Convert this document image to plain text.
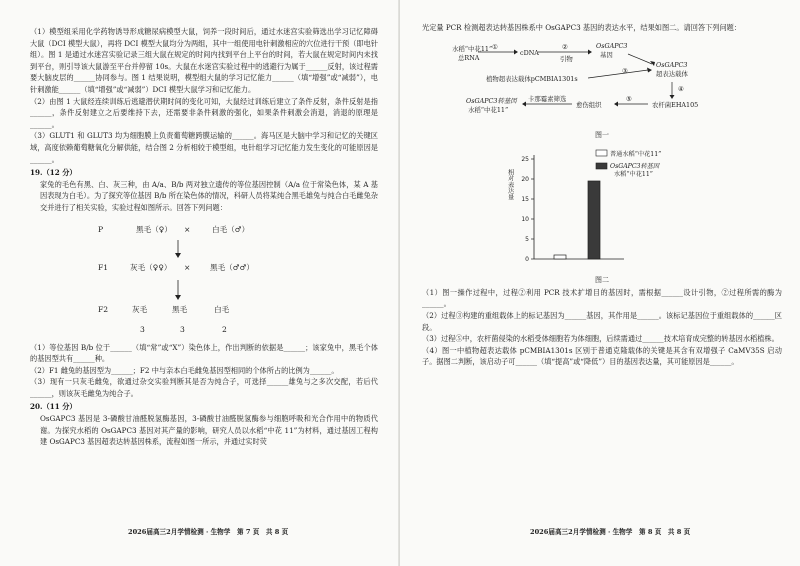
（1）模型组采用化学药物诱导形成糖尿病模型大鼠，饲养一段时间后，通过水迷宫实验筛选出学习记忆障碍大鼠（DCI 模型大鼠），再将 DCI 模型大鼠均分为两组，其中一组使用电针刺激相应的穴位进行干预（即电针组）。图 1 是通过水迷宫实验记录三组大鼠在规定的时间内找到平台上平台的时间，若大鼠在规定时间内未找到平台，则引导该大鼠游至平台并停留 10s。大鼠在水迷宫实验过程中的逃避行为属于______反射，该过程需要大脑皮层的______协同参与。图 1 结果说明，模型组大鼠的学习记忆能力______（填“增强”或“减弱”），电针刺激能______（填“增强”或“减弱”）DCI 模型大鼠学习和记忆能力。

（2）由图 1 大鼠经连续训练后逃避潜伏期时间的变化可知，大鼠经过训练后建立了条件反射，条件反射是指______，条件反射建立之后要维持下去，还需要非条件刺激的强化，如果条件刺激会消退，消退的原理是______。

（3）GLUT1 和 GLUT3 均为细胞膜上负责葡萄糖跨膜运输的______。海马区是大脑中学习和记忆的关键区域，高度依赖葡萄糖氧化分解供能，结合图 2 分析相较于模型组，电针组学习记忆能力发生变化的可能原因是______。

19.（12 分）

家兔的毛色有黑、白、灰三种，由 A/a、B/b 两对独立遗传的等位基因控制（A/a 位于常染色体，某 A 基因表现为白毛）。为了探究等位基因 B/b 所在染色体的情况，科研人员将某纯合黑毛雄兔与纯合白毛雌兔杂交并进行了相关实验，实验过程如图所示。回答下列问题：

P	黑毛（♀） ×	白毛（♂）
F1	灰毛（♀♀） ×	黑毛（♂♂）
F2	灰毛	黑毛	白毛
3	3	2

（1）等位基因 B/b 位于______（填“常”或“X”）染色体上，作出判断的依据是______；该家兔中，黑毛个体的基因型共有______种。

（2）F1 雌兔的基因型为______；F2 中与亲本白毛雌兔基因型相同的个体所占的比例为______。

（3）现有一只灰毛雌兔，欲通过杂交实验判断其是否为纯合子，可选择______雄兔与之多次交配，若后代______，则该灰毛雌兔为纯合子。

20.（11 分）

OsGAPC3 基因是 3-磷酸甘油醛脱氢酶基因，3-磷酸甘油醛脱氢酶参与细胞呼吸和光合作用中的物质代谢。为探究水稻的 OsGAPC3 基因对其产量的影响，研究人员以水稻“中花 11”为材料，通过基因工程构建 OsGAPC3 基因超表达转基因株系，流程如图一所示，并通过实时荧

2026届高三2月学情检测 · 生物学　第 7 页　共 8 页

光定量 PCR 检测超表达转基因株系中 OsGAPC3 基因的表达水平，结果如图二。请回答下列问题：

水稻“中花11”
总RNA
①
cDNA
②
引物
OsGAPC3
基因
OsGAPC3
超表达载体
植物超表达载体pCMBIA1301s
③
④
⑤
农杆菌EHA105
愈伤组织
卡那霉素筛选
OsGAPC3转基因
水稻“中花11”

图一

0
5
10
15
20
25
相对表达量
普通水稻“中花11”
OsGAPC3转基因
水稻“中花11”

图二

（1）图一操作过程中，过程②利用 PCR 技术扩增目的基因时，需根据______设计引物，②过程所需的酶为______。

（2）过程③构建的重组载体上的标记基因为______基因，其作用是______。该标记基因位于重组载体的______区段。

（3）过程⑤中，农杆菌侵染的水稻受体细胞若为体细胞，后续需通过______技术培育成完整的转基因水稻植株。

（4）图一中植物超表达载体 pCMBIA1301s 区别于普通克隆载体的关键是其含有双增强子 CaMV35S 启动子。据图二判断，该启动子可______（填“提高”或“降低”）目的基因表达量，其可能原因是______。

2026届高三2月学情检测 · 生物学　第 8 页　共 8 页
